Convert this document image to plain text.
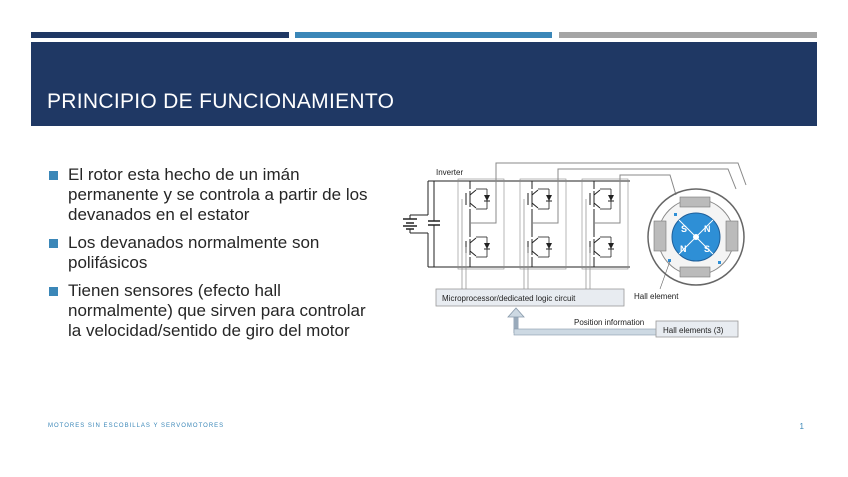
PRINCIPIO DE FUNCIONAMIENTO
El rotor esta hecho de un imán permanente y se controla a partir de los devanados en el estator
Los devanados normalmente son polifásicos
Tienen sensores (efecto hall normalmente) que sirven para controlar la velocidad/sentido de giro del motor
Inverter
Microprocessor/dedicated logic circuit
Position information
Hall elements (3)
S N
N S
Hall element
MOTORES SIN ESCOBILLAS Y SERVOMOTORES	1
